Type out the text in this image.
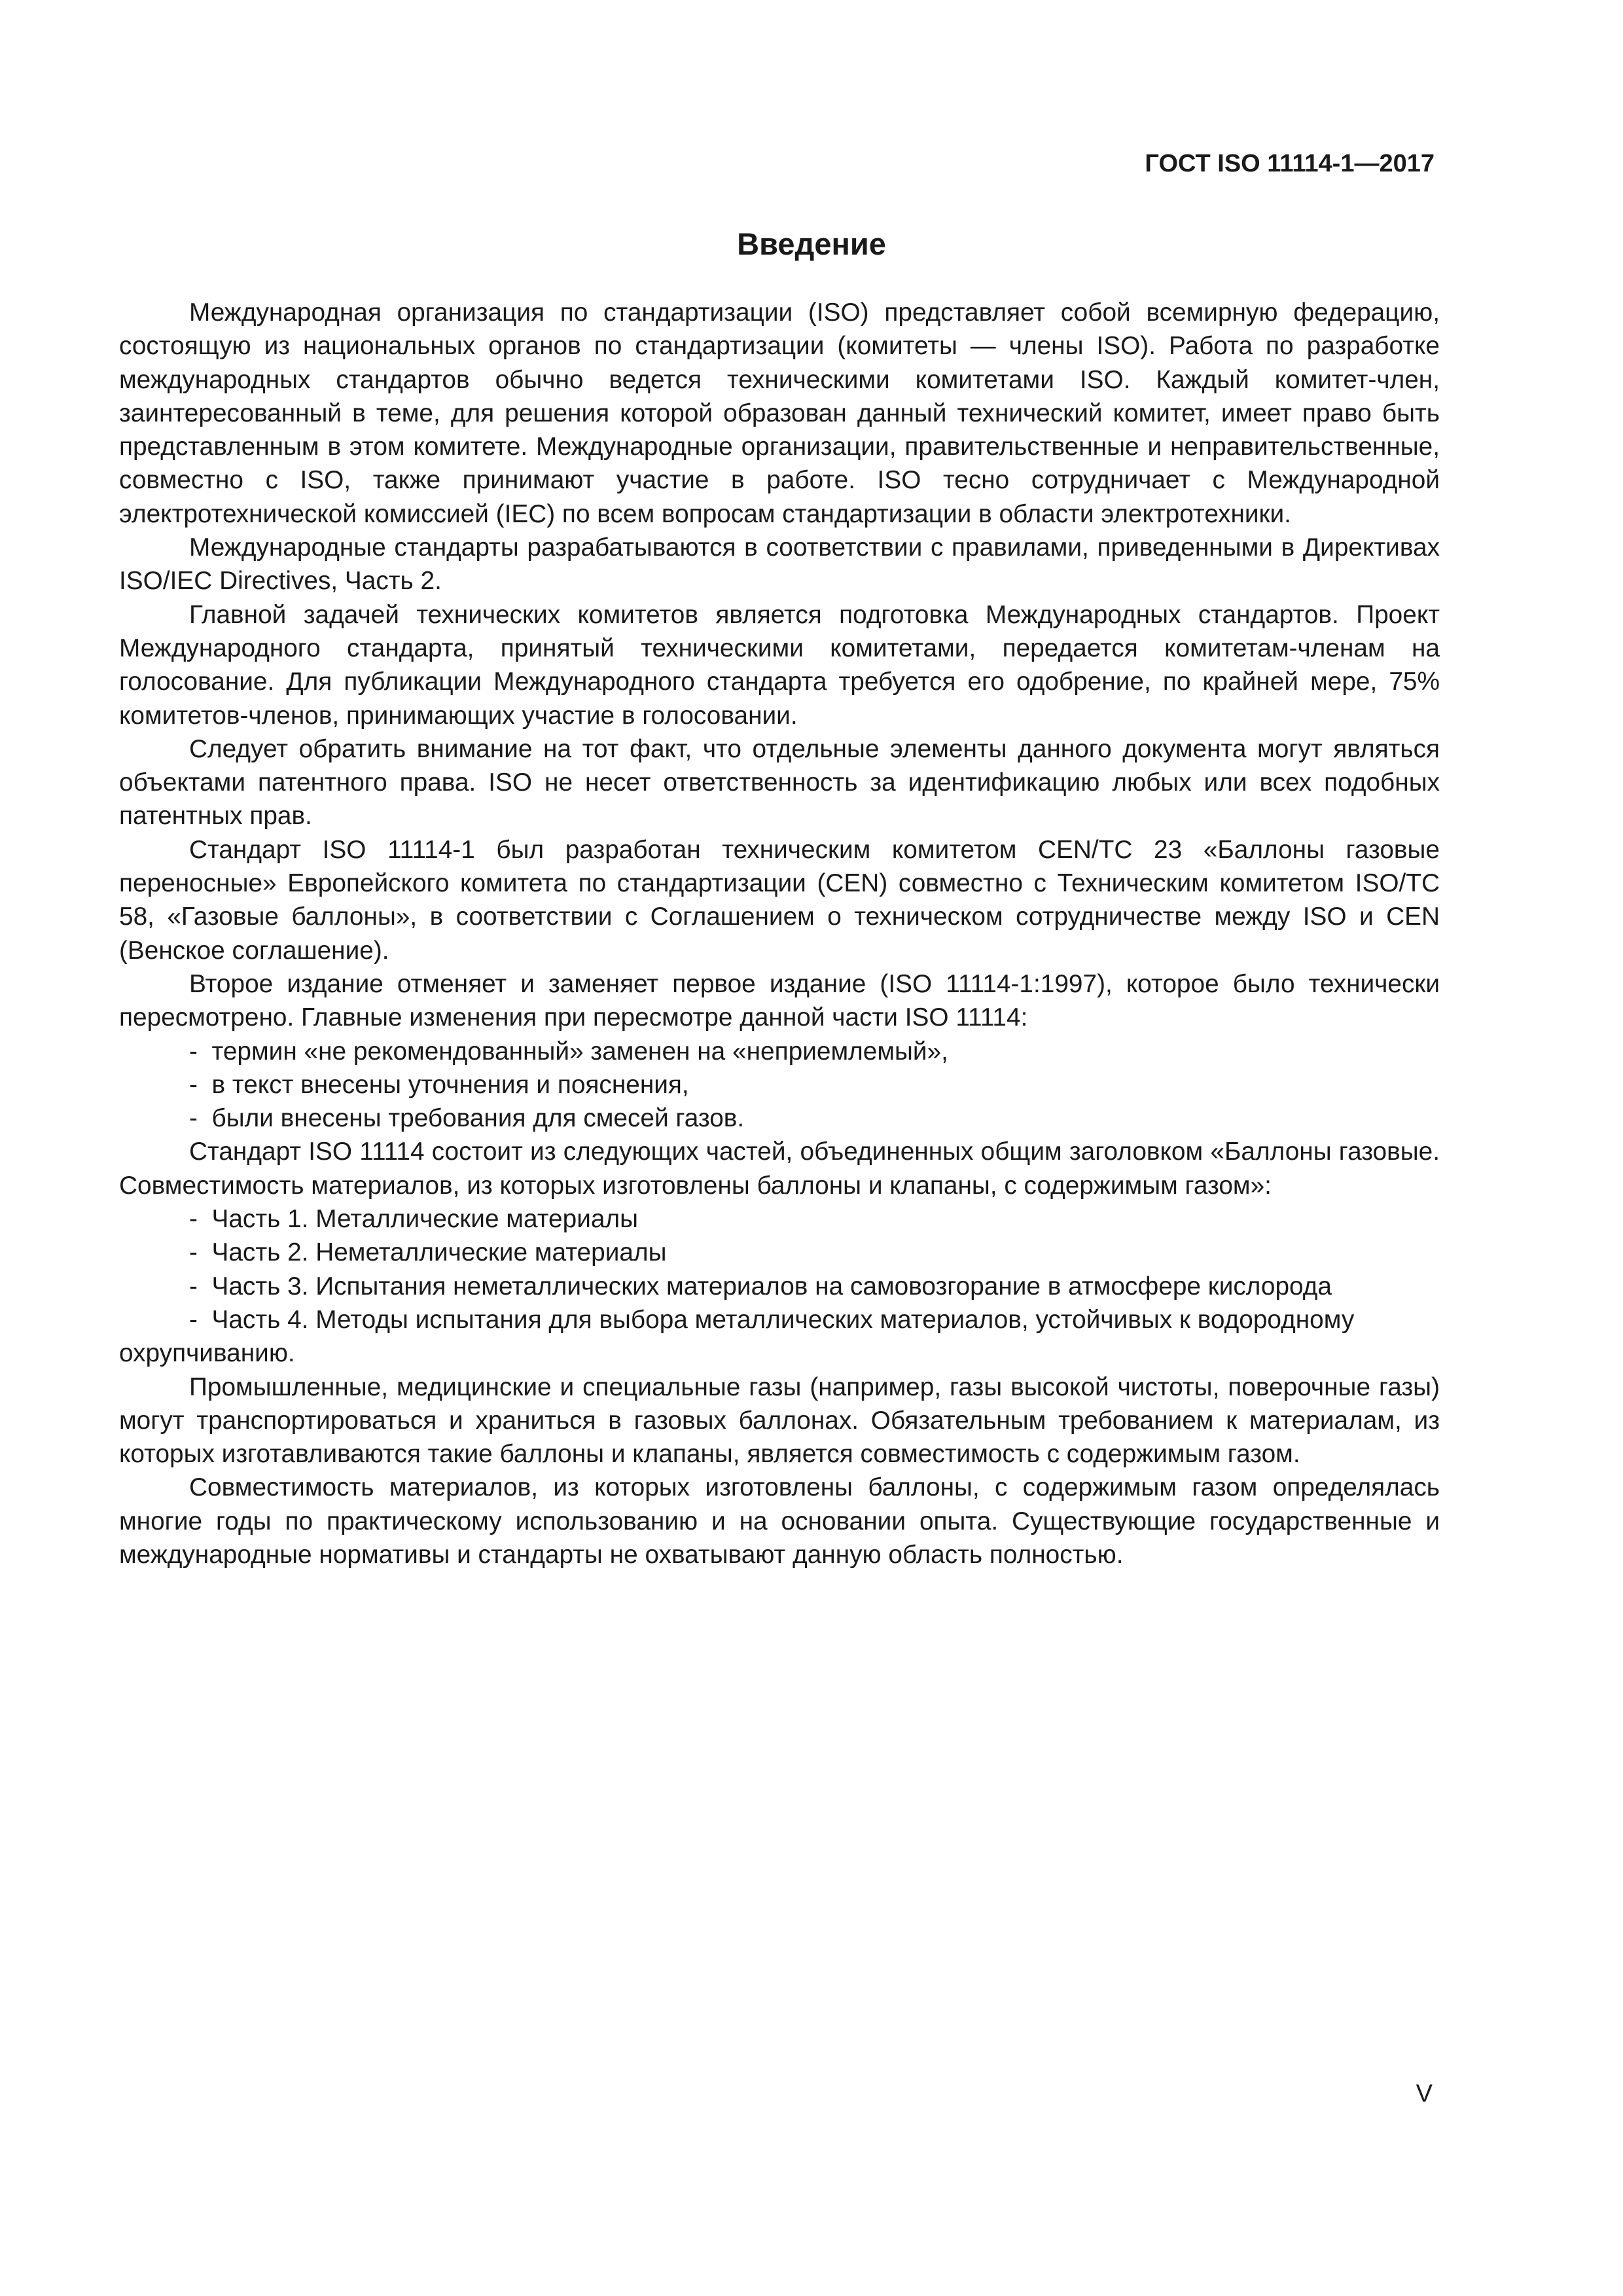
ГОСТ ISO 11114-1—2017
Введение

Международная организация по стандартизации (ISO) представляет собой всемирную федерацию, состоящую из национальных органов по стандартизации (комитеты — члены ISO). Работа по разработке международных стандартов обычно ведется техническими комитетами ISO. Каждый комитет-член, заинтересованный в теме, для решения которой образован данный технический комитет, имеет право быть представленным в этом комитете. Международные организации, правительственные и неправительственные, совместно с ISO, также принимают участие в работе. ISO тесно сотрудничает с Международной электротехнической комиссией (IEC) по всем вопросам стандартизации в области электротехники.

Международные стандарты разрабатываются в соответствии с правилами, приведенными в Директивах ISO/IEC Directives, Часть 2.

Главной задачей технических комитетов является подготовка Международных стандартов. Проект Международного стандарта, принятый техническими комитетами, передается комитетам-членам на голосование. Для публикации Международного стандарта требуется его одобрение, по крайней мере, 75% комитетов-членов, принимающих участие в голосовании.

Следует обратить внимание на тот факт, что отдельные элементы данного документа могут являться объектами патентного права. ISO не несет ответственность за идентификацию любых или всех подобных патентных прав.

Стандарт ISO 11114-1 был разработан техническим комитетом CEN/TC 23 «Баллоны газовые переносные» Европейского комитета по стандартизации (CEN) совместно с Техническим комитетом ISO/TC 58, «Газовые баллоны», в соответствии с Соглашением о техническом сотрудничестве между ISO и CEN (Венское соглашение).

Второе издание отменяет и заменяет первое издание (ISO 11114-1:1997), которое было технически пересмотрено. Главные изменения при пересмотре данной части ISO 11114:

-  термин «не рекомендованный» заменен на «неприемлемый»,
-  в текст внесены уточнения и пояснения,
-  были внесены требования для смесей газов.

Стандарт ISO 11114 состоит из следующих частей, объединенных общим заголовком «Баллоны газовые. Совместимость материалов, из которых изготовлены баллоны и клапаны, с содержимым газом»:

-  Часть 1. Металлические материалы
-  Часть 2. Неметаллические материалы
-  Часть 3. Испытания неметаллических материалов на самовозгорание в атмосфере кислорода
-  Часть 4. Методы испытания для выбора металлических материалов, устойчивых к водородному охрупчиванию.

Промышленные, медицинские и специальные газы (например, газы высокой чистоты, поверочные газы) могут транспортироваться и храниться в газовых баллонах. Обязательным требованием к материалам, из которых изготавливаются такие баллоны и клапаны, является совместимость с содержимым газом.

Совместимость материалов, из которых изготовлены баллоны, с содержимым газом определялась многие годы по практическому использованию и на основании опыта. Существующие государственные и международные нормативы и стандарты не охватывают данную область полностью.

V
